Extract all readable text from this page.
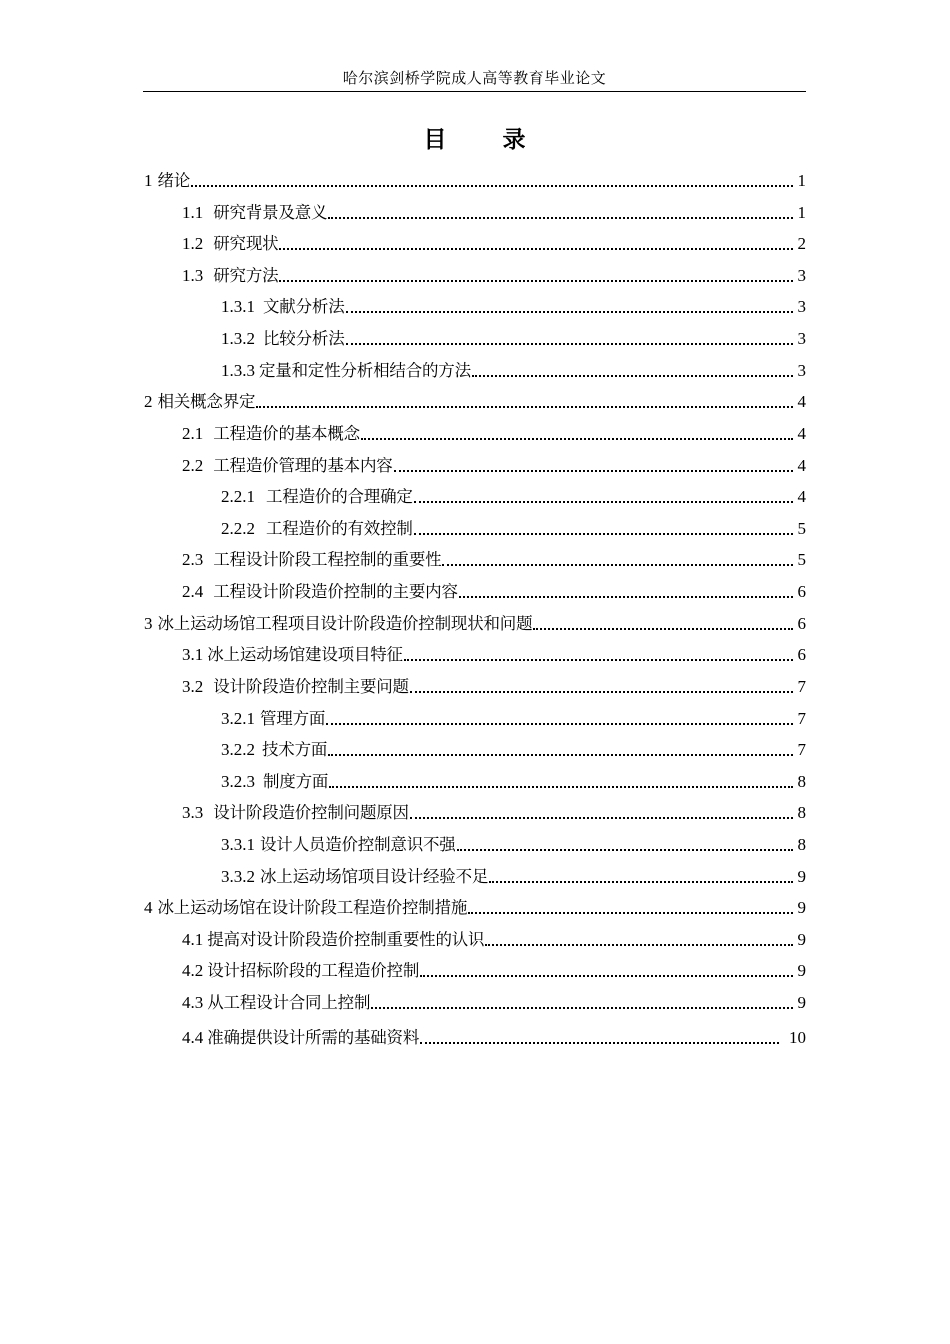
哈尔滨剑桥学院成人高等教育毕业论文
目 录
1 绪论	1
1.1 研究背景及意义	1
1.2 研究现状	2
1.3 研究方法	3
1.3.1 文献分析法	3
1.3.2 比较分析法	3
1.3.3 定量和定性分析相结合的方法	3
2 相关概念界定	4
2.1 工程造价的基本概念	4
2.2 工程造价管理的基本内容	4
2.2.1 工程造价的合理确定	4
2.2.2 工程造价的有效控制	5
2.3 工程设计阶段工程控制的重要性	5
2.4 工程设计阶段造价控制的主要内容	6
3 冰上运动场馆工程项目设计阶段造价控制现状和问题	6
3.1 冰上运动场馆建设项目特征	6
3.2 设计阶段造价控制主要问题	7
3.2.1 管理方面	7
3.2.2 技术方面	7
3.2.3 制度方面	8
3.3 设计阶段造价控制问题原因	8
3.3.1 设计人员造价控制意识不强	8
3.3.2 冰上运动场馆项目设计经验不足	9
4 冰上运动场馆在设计阶段工程造价控制措施	9
4.1 提高对设计阶段造价控制重要性的认识	9
4.2 设计招标阶段的工程造价控制	9
4.3 从工程设计合同上控制	9
4.4 准确提供设计所需的基础资料	10
